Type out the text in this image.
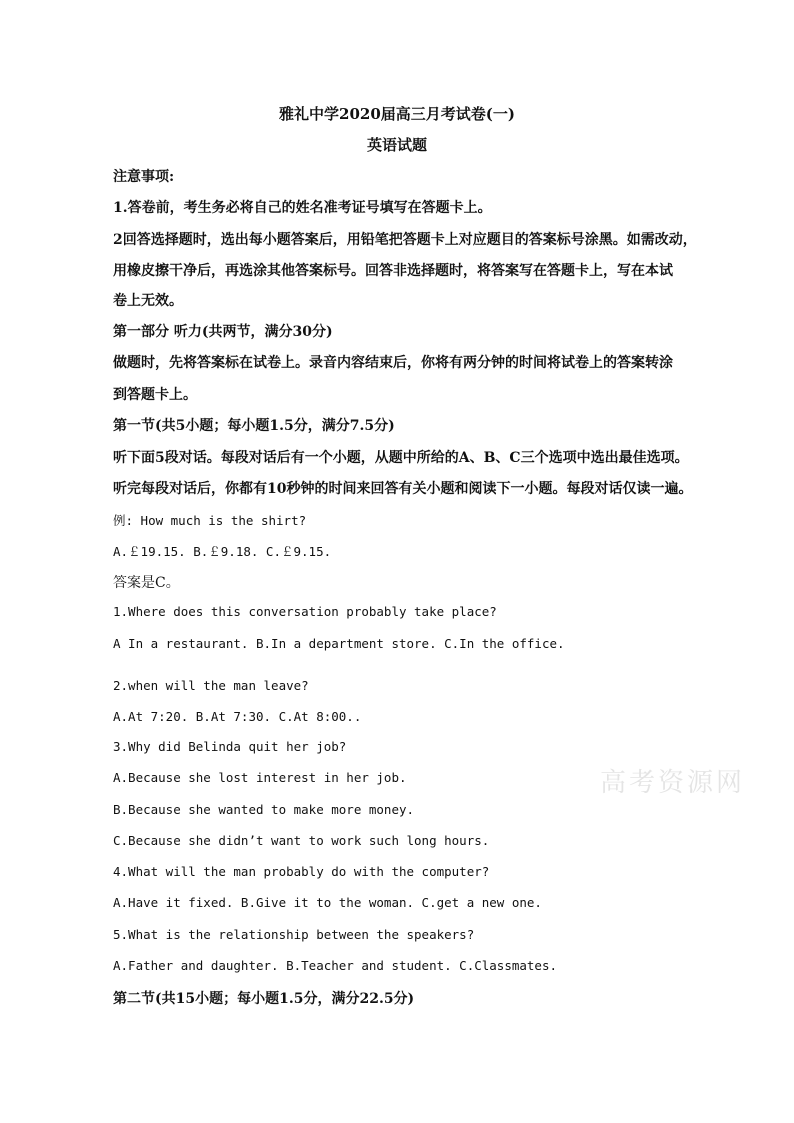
雅礼中学2020届高三月考试卷(一)
英语试题
注意事项:
1.答卷前，考生务必将自己的姓名准考证号填写在答题卡上。
2回答选择题时，选出每小题答案后，用铅笔把答题卡上对应题目的答案标号涂黑。如需改动，
用橡皮擦干净后，再选涂其他答案标号。回答非选择题时，将答案写在答题卡上，写在本试
卷上无效。
第一部分 听力(共两节，满分30分)
做题时，先将答案标在试卷上。录音内容结束后，你将有两分钟的时间将试卷上的答案转涂
到答题卡上。
第一节(共5小题；每小题1.5分，满分7.5分)
听下面5段对话。每段对话后有一个小题，从题中所给的A、B、C三个选项中选出最佳选项。
听完每段对话后，你都有10秒钟的时间来回答有关小题和阅读下一小题。每段对话仅读一遍。
例: How much is the shirt?
A.￡19.15. B.￡9.18. C.￡9.15.
答案是C。
1.Where does this conversation probably take place?
A In a restaurant. B.In a department store. C.In the office.
2.when will the man leave?
A.At 7:20. B.At 7:30. C.At 8:00..
3.Why did Belinda quit her job?
A.Because she lost interest in her job.
B.Because she wanted to make more money.
C.Because she didn’t want to work such long hours.
4.What will the man probably do with the computer?
A.Have it fixed. B.Give it to the woman. C.get a new one.
5.What is the relationship between the speakers?
A.Father and daughter. B.Teacher and student. C.Classmates.
第二节(共15小题；每小题1.5分，满分22.5分)
高考资源网
